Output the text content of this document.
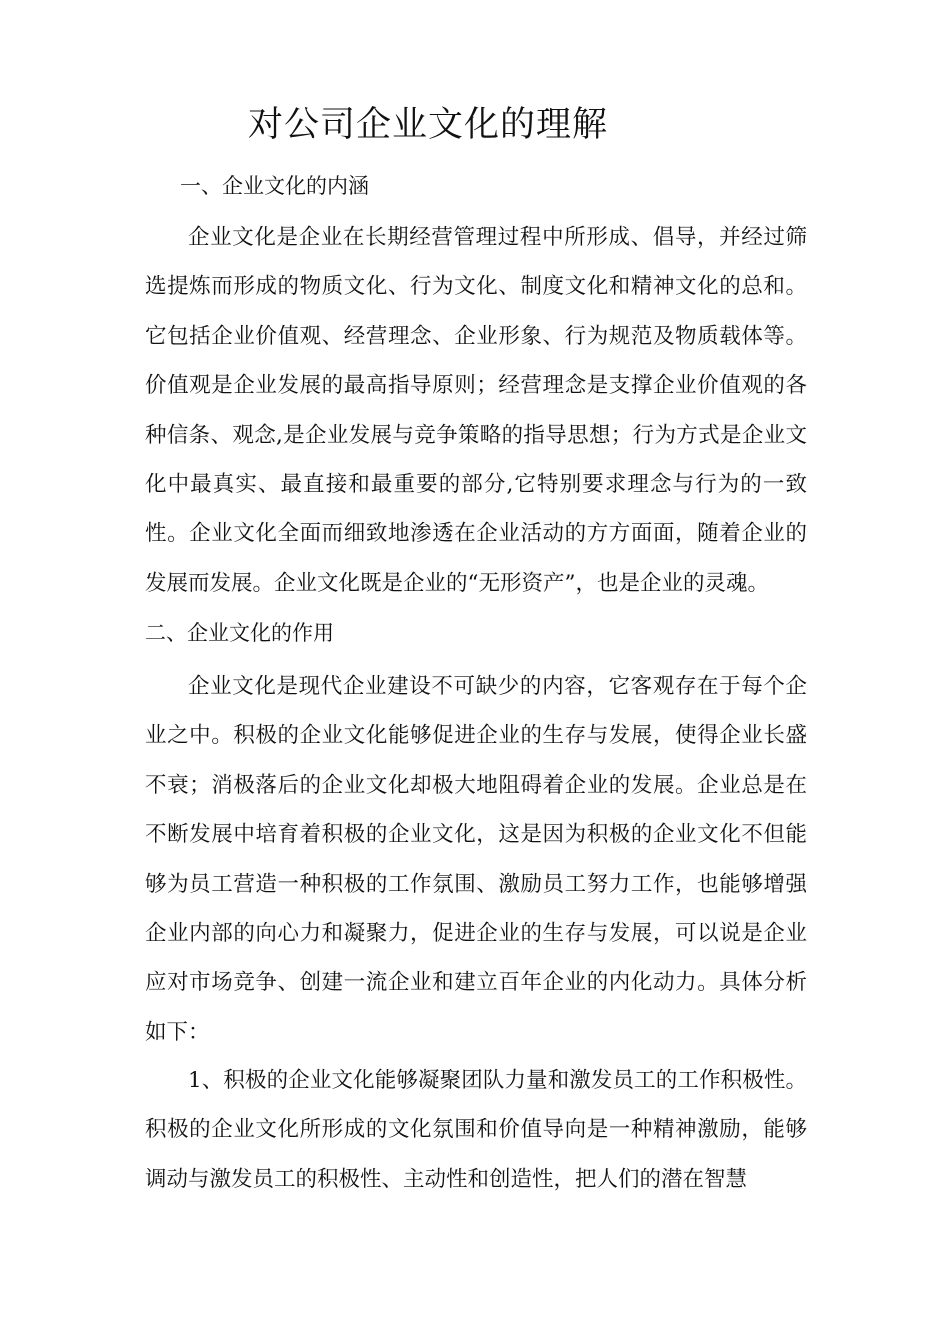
对公司企业文化的理解
一、企业文化的内涵

企业文化是企业在长期经营管理过程中所形成、倡导，并经过筛选提炼而形成的物质文化、行为文化、制度文化和精神文化的总和。它包括企业价值观、经营理念、企业形象、行为规范及物质载体等。价值观是企业发展的最高指导原则；经营理念是支撑企业价值观的各种信条、观念,是企业发展与竞争策略的指导思想；行为方式是企业文化中最真实、最直接和最重要的部分,它特别要求理念与行为的一致性。企业文化全面而细致地渗透在企业活动的方方面面，随着企业的发展而发展。企业文化既是企业的“无形资产”，也是企业的灵魂。

二、企业文化的作用

企业文化是现代企业建设不可缺少的内容，它客观存在于每个企业之中。积极的企业文化能够促进企业的生存与发展，使得企业长盛不衰；消极落后的企业文化却极大地阻碍着企业的发展。企业总是在不断发展中培育着积极的企业文化，这是因为积极的企业文化不但能够为员工营造一种积极的工作氛围、激励员工努力工作，也能够增强企业内部的向心力和凝聚力，促进企业的生存与发展，可以说是企业应对市场竞争、创建一流企业和建立百年企业的内化动力。具体分析如下：

1、积极的企业文化能够凝聚团队力量和激发员工的工作积极性。积极的企业文化所形成的文化氛围和价值导向是一种精神激励，能够调动与激发员工的积极性、主动性和创造性，把人们的潜在智慧
